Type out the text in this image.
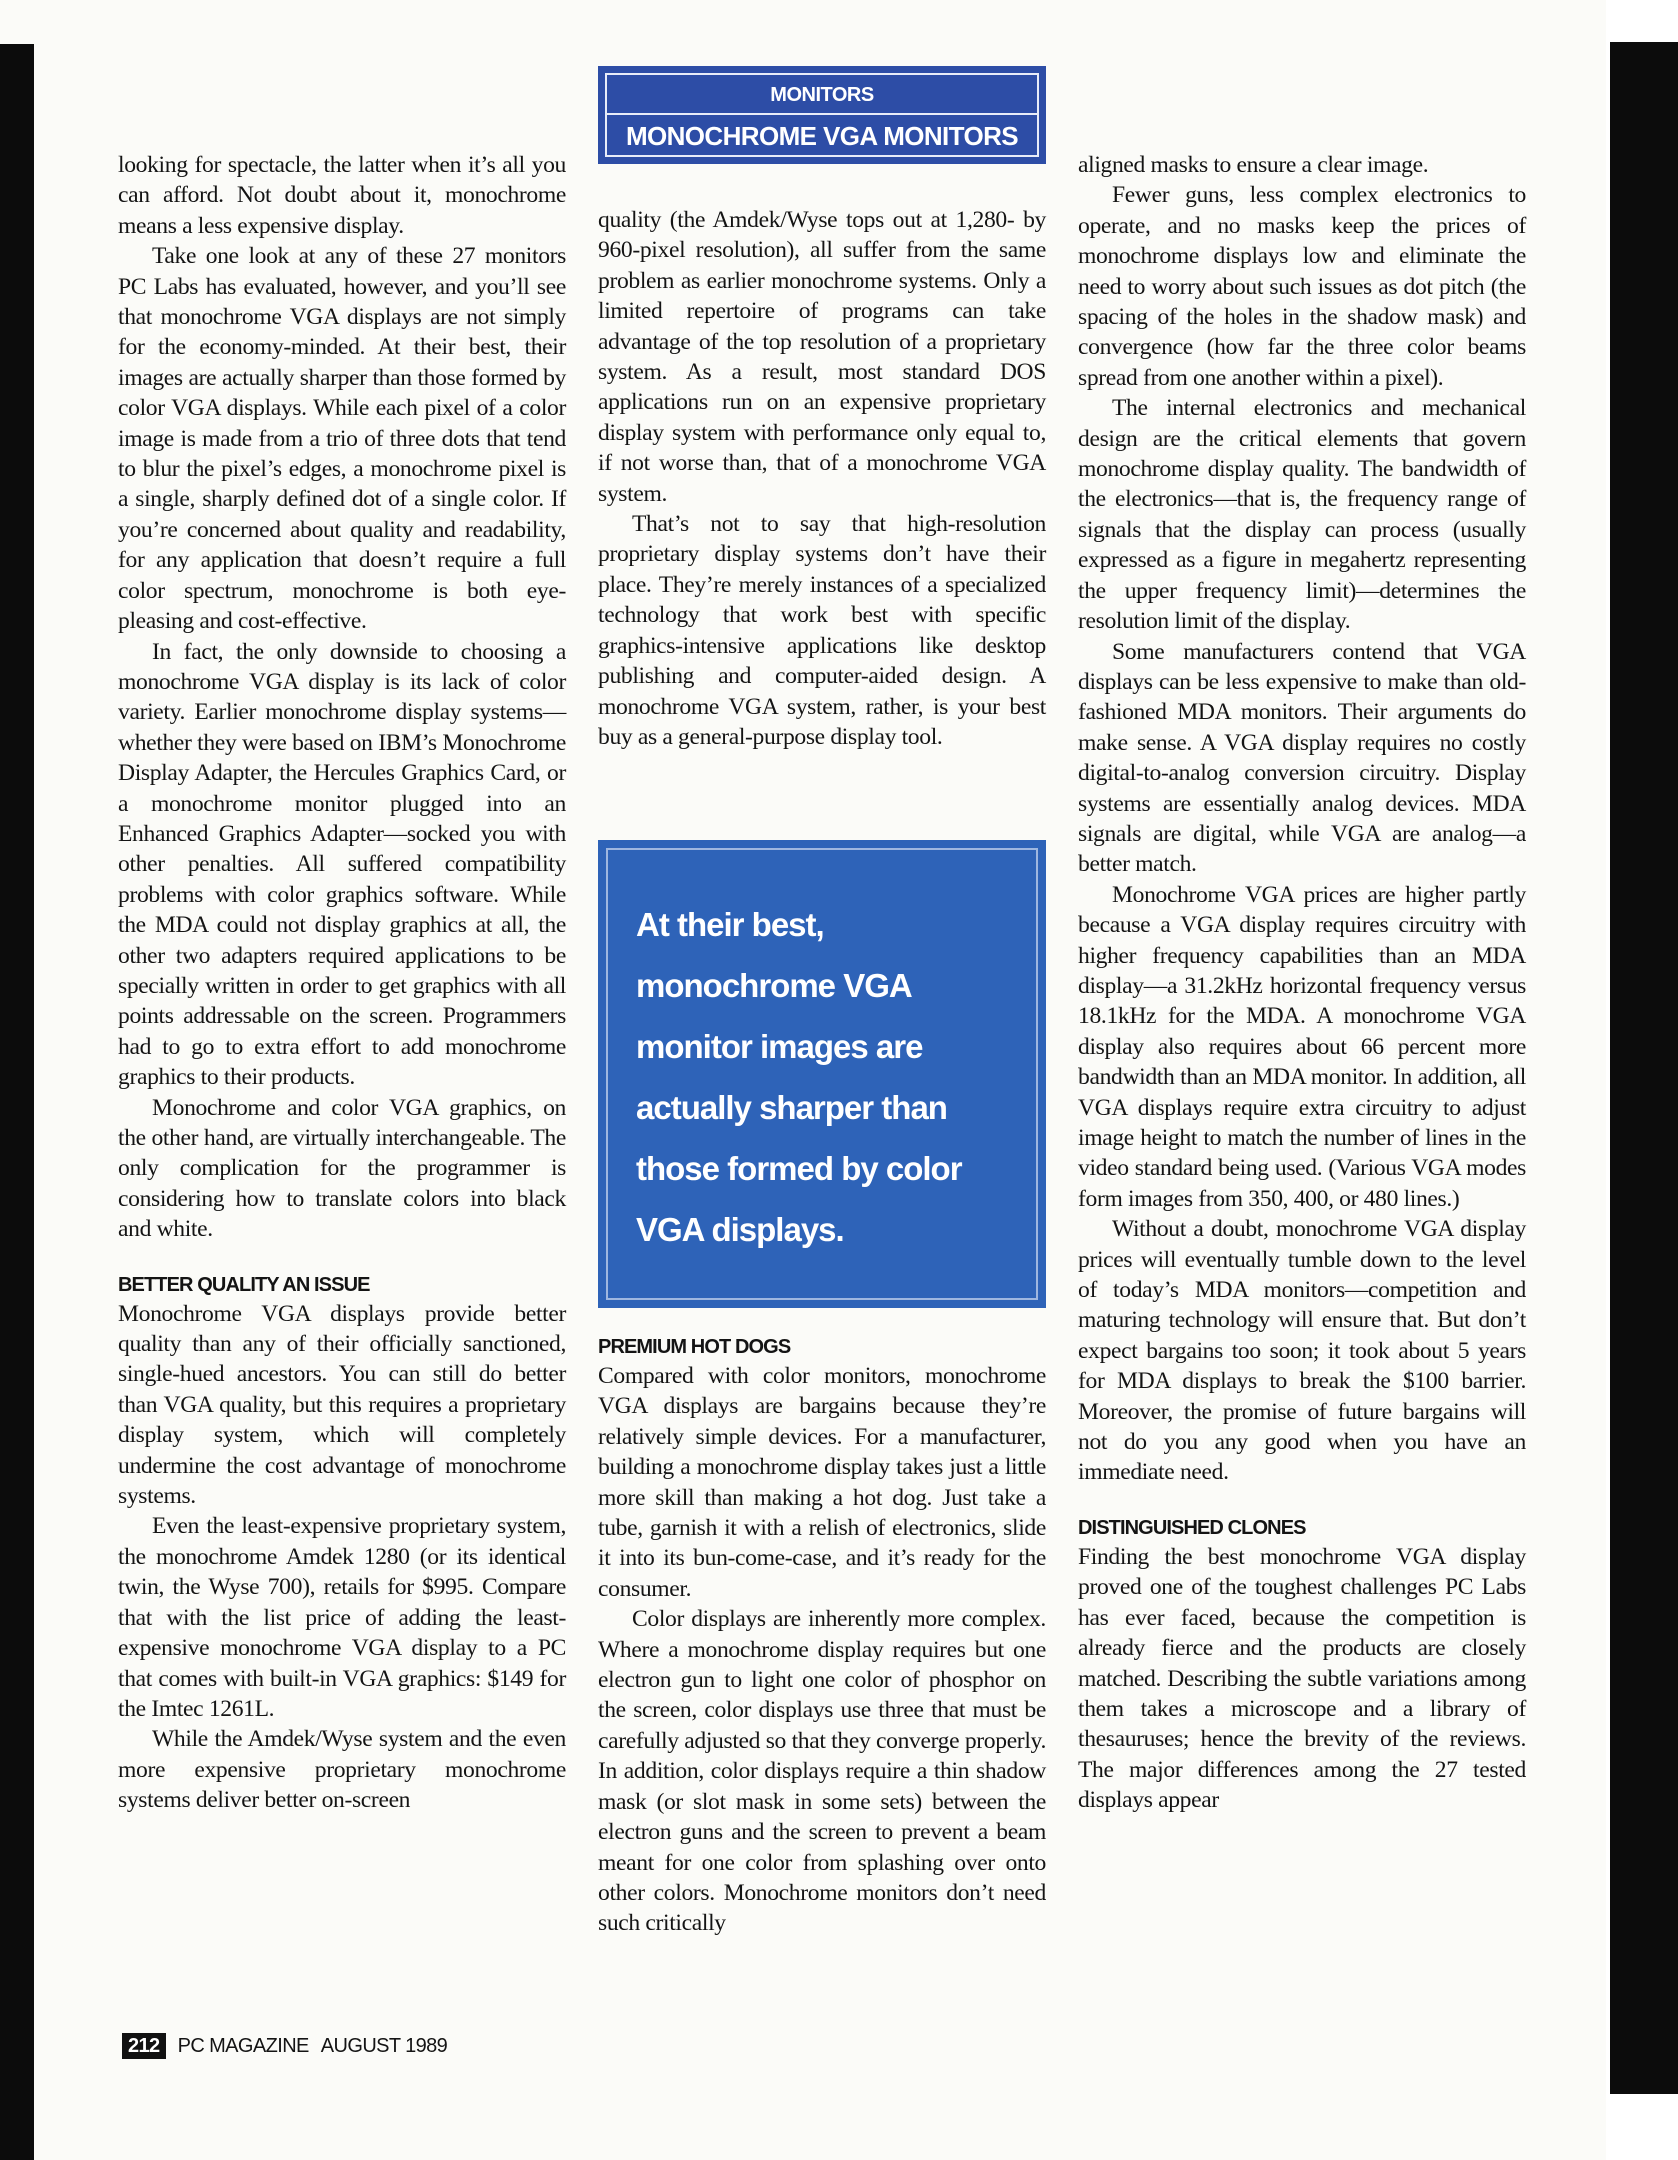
MONITORS
MONOCHROME VGA MONITORS

looking for spectacle, the latter when it’s all you can afford. Not doubt about it, monochrome means a less expensive display.

Take one look at any of these 27 monitors PC Labs has evaluated, however, and you’ll see that monochrome VGA displays are not simply for the economy-minded. At their best, their images are actually sharper than those formed by color VGA displays. While each pixel of a color image is made from a trio of three dots that tend to blur the pixel’s edges, a monochrome pixel is a single, sharply defined dot of a single color. If you’re concerned about quality and readability, for any application that doesn’t require a full color spectrum, monochrome is both eye-pleasing and cost-effective.

In fact, the only downside to choosing a monochrome VGA display is its lack of color variety. Earlier monochrome display systems—whether they were based on IBM’s Monochrome Display Adapter, the Hercules Graphics Card, or a monochrome monitor plugged into an Enhanced Graphics Adapter—socked you with other penalties. All suffered compatibility problems with color graphics software. While the MDA could not display graphics at all, the other two adapters required applications to be specially written in order to get graphics with all points addressable on the screen. Programmers had to go to extra effort to add monochrome graphics to their products.

Monochrome and color VGA graphics, on the other hand, are virtually interchangeable. The only complication for the programmer is considering how to translate colors into black and white.

BETTER QUALITY AN ISSUE

Monochrome VGA displays provide better quality than any of their officially sanctioned, single-hued ancestors. You can still do better than VGA quality, but this requires a proprietary display system, which will completely undermine the cost advantage of monochrome systems.

Even the least-expensive proprietary system, the monochrome Amdek 1280 (or its identical twin, the Wyse 700), retails for $995. Compare that with the list price of adding the least-expensive monochrome VGA display to a PC that comes with built-in VGA graphics: $149 for the Imtec 1261L.

While the Amdek/Wyse system and the even more expensive proprietary monochrome systems deliver better on-screen

quality (the Amdek/Wyse tops out at 1,280- by 960-pixel resolution), all suffer from the same problem as earlier monochrome systems. Only a limited repertoire of programs can take advantage of the top resolution of a proprietary system. As a result, most standard DOS applications run on an expensive proprietary display system with performance only equal to, if not worse than, that of a monochrome VGA system.

That’s not to say that high-resolution proprietary display systems don’t have their place. They’re merely instances of a specialized technology that work best with specific graphics-intensive applications like desktop publishing and computer-aided design. A monochrome VGA system, rather, is your best buy as a general-purpose display tool.

At their best,
monochrome VGA
monitor images are
actually sharper than
those formed by color
VGA displays.
PREMIUM HOT DOGS

Compared with color monitors, monochrome VGA displays are bargains because they’re relatively simple devices. For a manufacturer, building a monochrome display takes just a little more skill than making a hot dog. Just take a tube, garnish it with a relish of electronics, slide it into its bun-come-case, and it’s ready for the consumer.

Color displays are inherently more complex. Where a monochrome display requires but one electron gun to light one color of phosphor on the screen, color displays use three that must be carefully adjusted so that they converge properly. In addition, color displays require a thin shadow mask (or slot mask in some sets) between the electron guns and the screen to prevent a beam meant for one color from splashing over onto other colors. Monochrome monitors don’t need such critically

aligned masks to ensure a clear image.

Fewer guns, less complex electronics to operate, and no masks keep the prices of monochrome displays low and eliminate the need to worry about such issues as dot pitch (the spacing of the holes in the shadow mask) and convergence (how far the three color beams spread from one another within a pixel).

The internal electronics and mechanical design are the critical elements that govern monochrome display quality. The bandwidth of the electronics—that is, the frequency range of signals that the display can process (usually expressed as a figure in megahertz representing the upper frequency limit)—determines the resolution limit of the display.

Some manufacturers contend that VGA displays can be less expensive to make than old-fashioned MDA monitors. Their arguments do make sense. A VGA display requires no costly digital-to-analog conversion circuitry. Display systems are essentially analog devices. MDA signals are digital, while VGA are analog—a better match.

Monochrome VGA prices are higher partly because a VGA display requires circuitry with higher frequency capabilities than an MDA display—a 31.2kHz horizontal frequency versus 18.1kHz for the MDA. A monochrome VGA display also requires about 66 percent more bandwidth than an MDA monitor. In addition, all VGA displays require extra circuitry to adjust image height to match the number of lines in the video standard being used. (Various VGA modes form images from 350, 400, or 480 lines.)

Without a doubt, monochrome VGA display prices will eventually tumble down to the level of today’s MDA monitors—competition and maturing technology will ensure that. But don’t expect bargains too soon; it took about 5 years for MDA displays to break the $100 barrier. Moreover, the promise of future bargains will not do you any good when you have an immediate need.

DISTINGUISHED CLONES

Finding the best monochrome VGA display proved one of the toughest challenges PC Labs has ever faced, because the competition is already fierce and the products are closely matched. Describing the subtle variations among them takes a microscope and a library of thesauruses; hence the brevity of the reviews. The major differences among the 27 tested displays appear

212 PC MAGAZINE AUGUST 1989
